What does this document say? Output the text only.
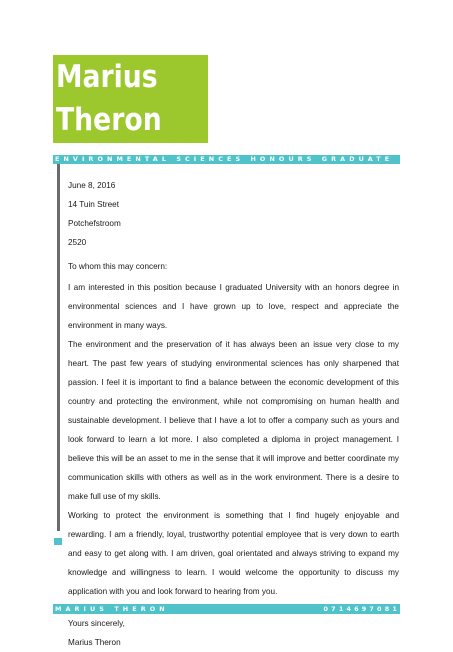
Marius
Theron
ENVIRONMENTAL SCIENCES HONOURS GRADUATE
June 8, 2016
14 Tuin Street
Potchefstroom
2520
To whom this may concern:

I am interested in this position because I graduated University with an honors degree in environmental sciences and I have grown up to love, respect and appreciate the environment in many ways.

The environment and the preservation of it has always been an issue very close to my heart. The past few years of studying environmental sciences has only sharpened that passion. I feel it is important to find a balance between the economic development of this country and protecting the environment, while not compromising on human health and sustainable development. I believe that I have a lot to offer a company such as yours and look forward to learn a lot more. I also completed a diploma in project management. I believe this will be an asset to me in the sense that it will improve and better coordinate my communication skills with others as well as in the work environment. There is a desire to make full use of my skills.

Working to protect the environment is something that I find hugely enjoyable and rewarding. I am a friendly, loyal, trustworthy potential employee that is very down to earth and easy to get along with. I am driven, goal orientated and always striving to expand my knowledge and willingness to learn. I would welcome the opportunity to discuss my application with you and look forward to hearing from you.

Yours sincerely,
Marius Theron
MARIUS THERON	0714697081
